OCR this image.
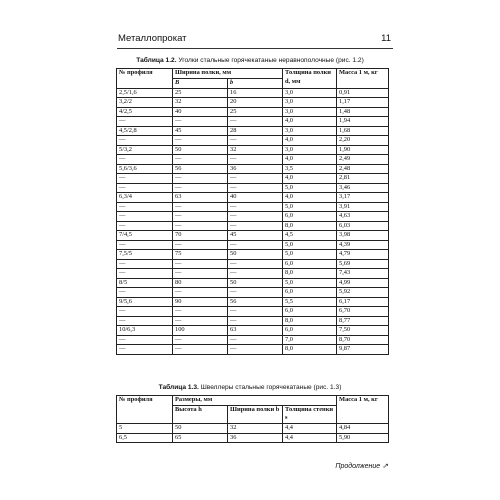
Металлопрокат	11
Таблица 1.2. Уголки стальные горячекатаные неравнополочные (рис. 1.2)
№ профиля	Ширина полки, мм		Толщина полки d, мм	Масса 1 м, кг
	B	b		
2,5/1,6	25	16	3,0	0,91
3,2/2	32	20	3,0	1,17
4/2,5	40	25	3,0	1,48
—	—	—	4,0	1,94
4,5/2,8	45	28	3,0	1,68
—	—	—	4,0	2,20
5/3,2	50	32	3,0	1,90
—	—	—	4,0	2,49
5,6/3,6	56	36	3,5	2,48
—	—	—	4,0	2,81
—	—	—	5,0	3,46
6,3/4	63	40	4,0	3,17
—	—	—	5,0	3,91
—	—	—	6,0	4,63
—	—	—	8,0	6,03
7/4,5	70	45	4,5	3,98
—	—	—	5,0	4,39
7,5/5	75	50	5,0	4,79
—	—	—	6,0	5,69
—	—	—	8,0	7,43
8/5	80	50	5,0	4,99
—	—	—	6,0	5,92
9/5,6	90	56	5,5	6,17
—	—	—	6,0	6,70
—	—	—	8,0	8,77
10/6,3	100	63	6,0	7,50
—	—	—	7,0	8,70
—	—	—	8,0	9,87
Таблица 1.3. Швеллеры стальные горячекатаные (рис. 1.3)
№ профиля	Размеры, мм			Масса 1 м, кг
	Высота h	Ширина полки b	Толщина стенки s	
5	50	32	4,4	4,84
6,5	65	36	4,4	5,90
Продолжение ⇗
